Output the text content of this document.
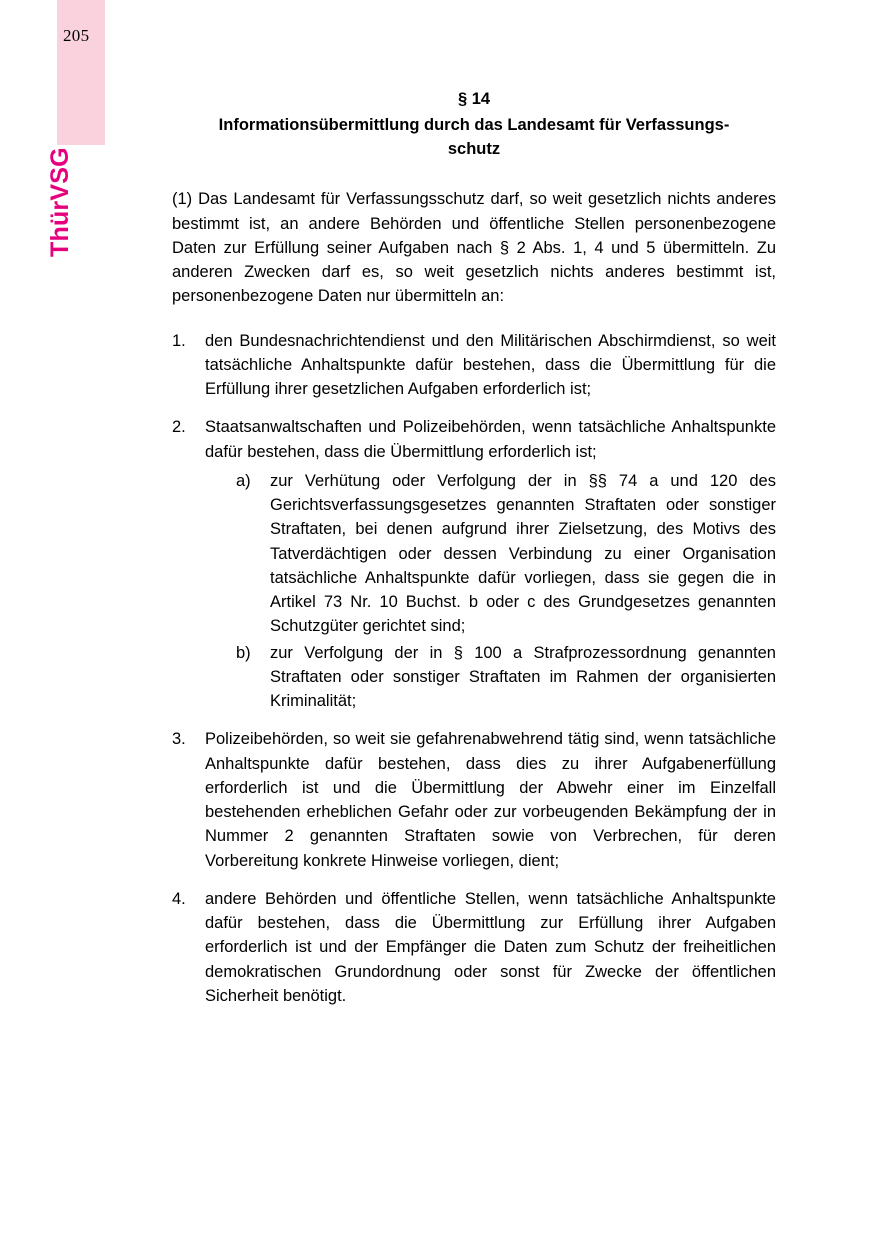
205
ThürVSG
§ 14
Informationsübermittlung durch das Landesamt für Verfassungs-
schutz

(1) Das Landesamt für Verfassungsschutz darf, so weit gesetzlich nichts anderes bestimmt ist, an andere Behörden und öffentliche Stellen personenbezogene Daten zur Erfüllung seiner Aufgaben nach § 2 Abs. 1, 4 und 5 übermitteln. Zu anderen Zwecken darf es, so weit gesetzlich nichts anderes bestimmt ist, personenbezogene Daten nur übermitteln an:

1.	den Bundesnachrichtendienst und den Militärischen Abschirmdienst, so weit tatsächliche Anhaltspunkte dafür bestehen, dass die Übermittlung für die Erfüllung ihrer gesetzlichen Aufgaben erforderlich ist;
2.	Staatsanwaltschaften und Polizeibehörden, wenn tatsächliche Anhaltspunkte dafür bestehen, dass die Übermittlung erforderlich ist;
a)	zur Verhütung oder Verfolgung der in §§ 74 a und 120 des Gerichtsverfassungsgesetzes genannten Straftaten oder sonstiger Straftaten, bei denen aufgrund ihrer Zielsetzung, des Motivs des Tatverdächtigen oder dessen Verbindung zu einer Organisation tatsächliche Anhaltspunkte dafür vorliegen, dass sie gegen die in Artikel 73 Nr. 10 Buchst. b oder c des Grundgesetzes genannten Schutzgüter gerichtet sind;
b)	zur Verfolgung der in § 100 a Strafprozessordnung genannten Straftaten oder sonstiger Straftaten im Rahmen der organisierten Kriminalität;
3.	Polizeibehörden, so weit sie gefahrenabwehrend tätig sind, wenn tatsächliche Anhaltspunkte dafür bestehen, dass dies zu ihrer Aufgabenerfüllung erforderlich ist und die Übermittlung der Abwehr einer im Einzelfall bestehenden erheblichen Gefahr oder zur vorbeugenden Bekämpfung der in Nummer 2 genannten Straftaten sowie von Verbrechen, für deren Vorbereitung konkrete Hinweise vorliegen, dient;
4.	andere Behörden und öffentliche Stellen, wenn tatsächliche Anhaltspunkte dafür bestehen, dass die Übermittlung zur Erfüllung ihrer Aufgaben erforderlich ist und der Empfänger die Daten zum Schutz der freiheitlichen demokratischen Grundordnung oder sonst für Zwecke der öffentlichen Sicherheit benötigt.
